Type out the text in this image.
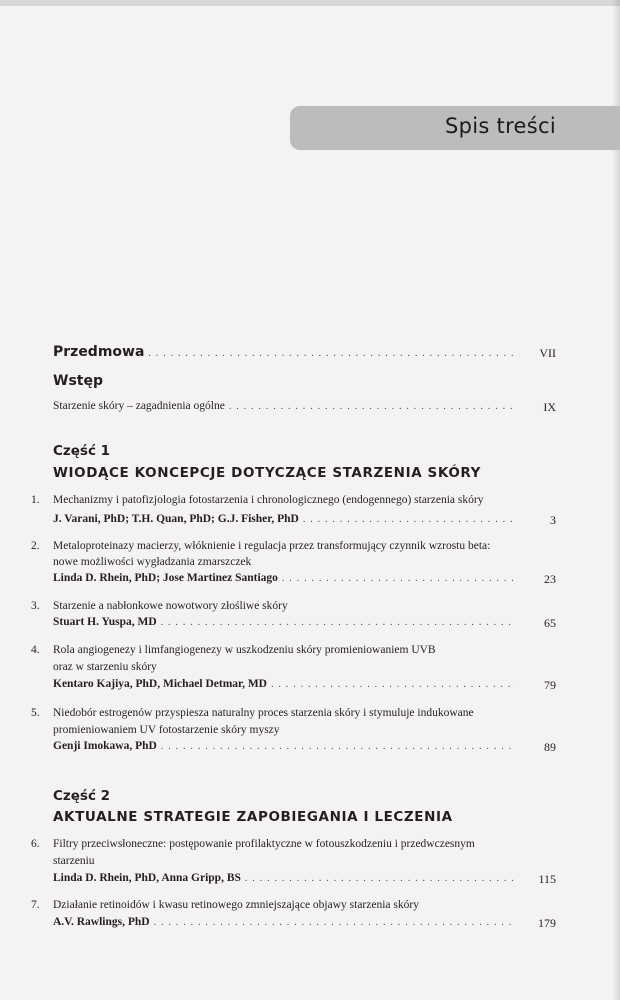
Spis treści
Przedmowa . . .	VII
Wstęp
Starzenie skóry – zagadnienia ogólne . . .	IX
Część 1
WIODĄCE KONCEPCJE DOTYCZĄCE STARZENIA SKÓRY
1. Mechanizmy i patofizjologia fotostarzenia i chronologicznego (endogennego) starzenia skóry
J. Varani, PhD; T.H. Quan, PhD; G.J. Fisher, PhD . . .	3
2. Metaloproteinazy macierzy, włóknienie i regulacja przez transformujący czynnik wzrostu beta:
nowe możliwości wygładzania zmarszczek
Linda D. Rhein, PhD; Jose Martinez Santiago . . .	23
3. Starzenie a nabłonkowe nowotwory złośliwe skóry
Stuart H. Yuspa, MD . . .	65
4. Rola angiogenezy i limfangiogenezy w uszkodzeniu skóry promieniowaniem UVB
oraz w starzeniu skóry
Kentaro Kajiya, PhD, Michael Detmar, MD . . .	79
5. Niedobór estrogenów przyspiesza naturalny proces starzenia skóry i stymuluje indukowane
promieniowaniem UV fotostarzenie skóry myszy
Genji Imokawa, PhD . . .	89
Część 2
AKTUALNE STRATEGIE ZAPOBIEGANIA I LECZENIA
6. Filtry przeciwsłoneczne: postępowanie profilaktyczne w fotouszkodzeniu i przedwczesnym
starzeniu
Linda D. Rhein, PhD, Anna Gripp, BS . . .	115
7. Działanie retinoidów i kwasu retinowego zmniejszające objawy starzenia skóry
A.V. Rawlings, PhD . . .	179
